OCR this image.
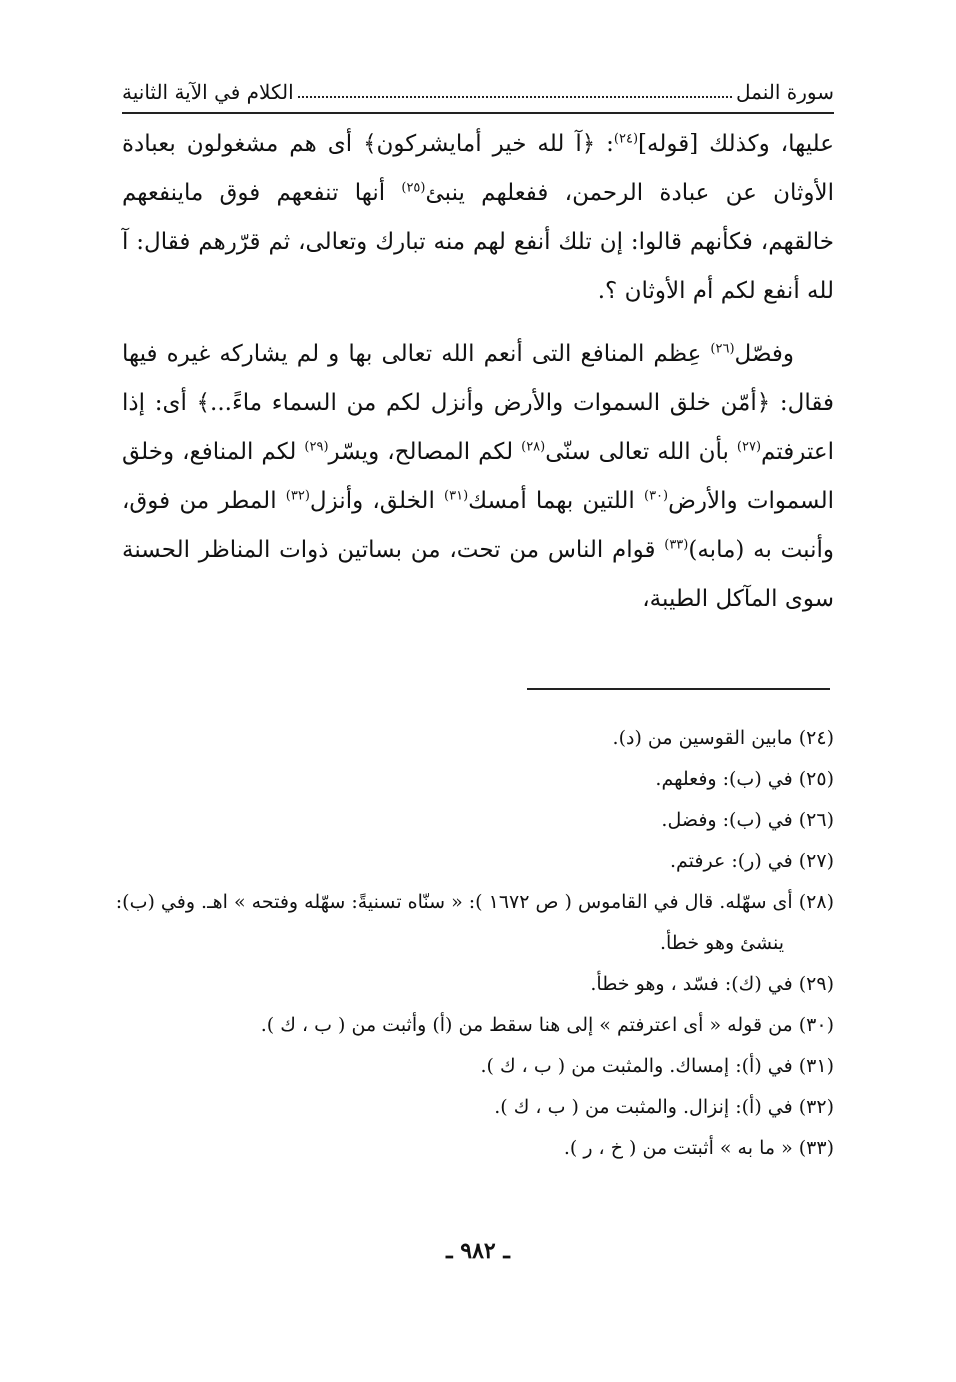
سورة النمل
الكلام في الآية الثانية

عليها، وكذلك [قوله]$^{(٢٤)}$: ﴿آ لله خير أمايشركون﴾ أى هم مشغولون بعبادة الأوثان عن عبادة الرحمن، ففعلهم ينبئ$^{(٢٥)}$ أنها تنفعهم فوق ماينفعهم خالقهم، فكأنهم قالوا: إن تلك أنفع لهم منه تبارك وتعالى، ثم قرّرهم فقال: آ لله أنفع لكم أم الأوثان ؟.

وفصّل$^{(٢٦)}$ عِظم المنافع التى أنعم الله تعالى بها و لم يشاركه غيره فيها فقال: ﴿أمّن خلق السموات والأرض وأنزل لكم من السماء ماءً...﴾ أى: إذا اعترفتم$^{(٢٧)}$ بأن الله تعالى سنّى$^{(٢٨)}$ لكم المصالح، ويسّر$^{(٢٩)}$ لكم المنافع، وخلق السموات والأرض$^{(٣٠)}$ اللتين بهما أمسك$^{(٣١)}$ الخلق، وأنزل$^{(٣٢)}$ المطر من فوق، وأنبت به (مابه)$^{(٣٣)}$ قوام الناس من تحت، من بساتين ذوات المناظر الحسنة سوى المآكل الطيبة،

(٢٤) مابين القوسين من (د).
(٢٥) في (ب): وفعلهم.
(٢٦) في (ب): وفضل.
(٢٧) في (ر): عرفتم.
(٢٨) أى سهّله. قال في القاموس ( ص ١٦٧٢ ): « سنّاه تسنيةً: سهّله وفتحه » اهـ. وفي (ب):
ينشئ وهو خطأ.
(٢٩) في (ك): فسّد ، وهو خطأ.
(٣٠) من قوله « أى اعترفتم » إلى هنا سقط من (أ) وأثبت من ( ب ، ك ).
(٣١) في (أ): إمساك. والمثبت من ( ب ، ك ).
(٣٢) في (أ): إنزال. والمثبت من ( ب ، ك ).
(٣٣) « ما به » أثبتت من ( خ ، ر ).
ـ ٩٨٢ ـ
